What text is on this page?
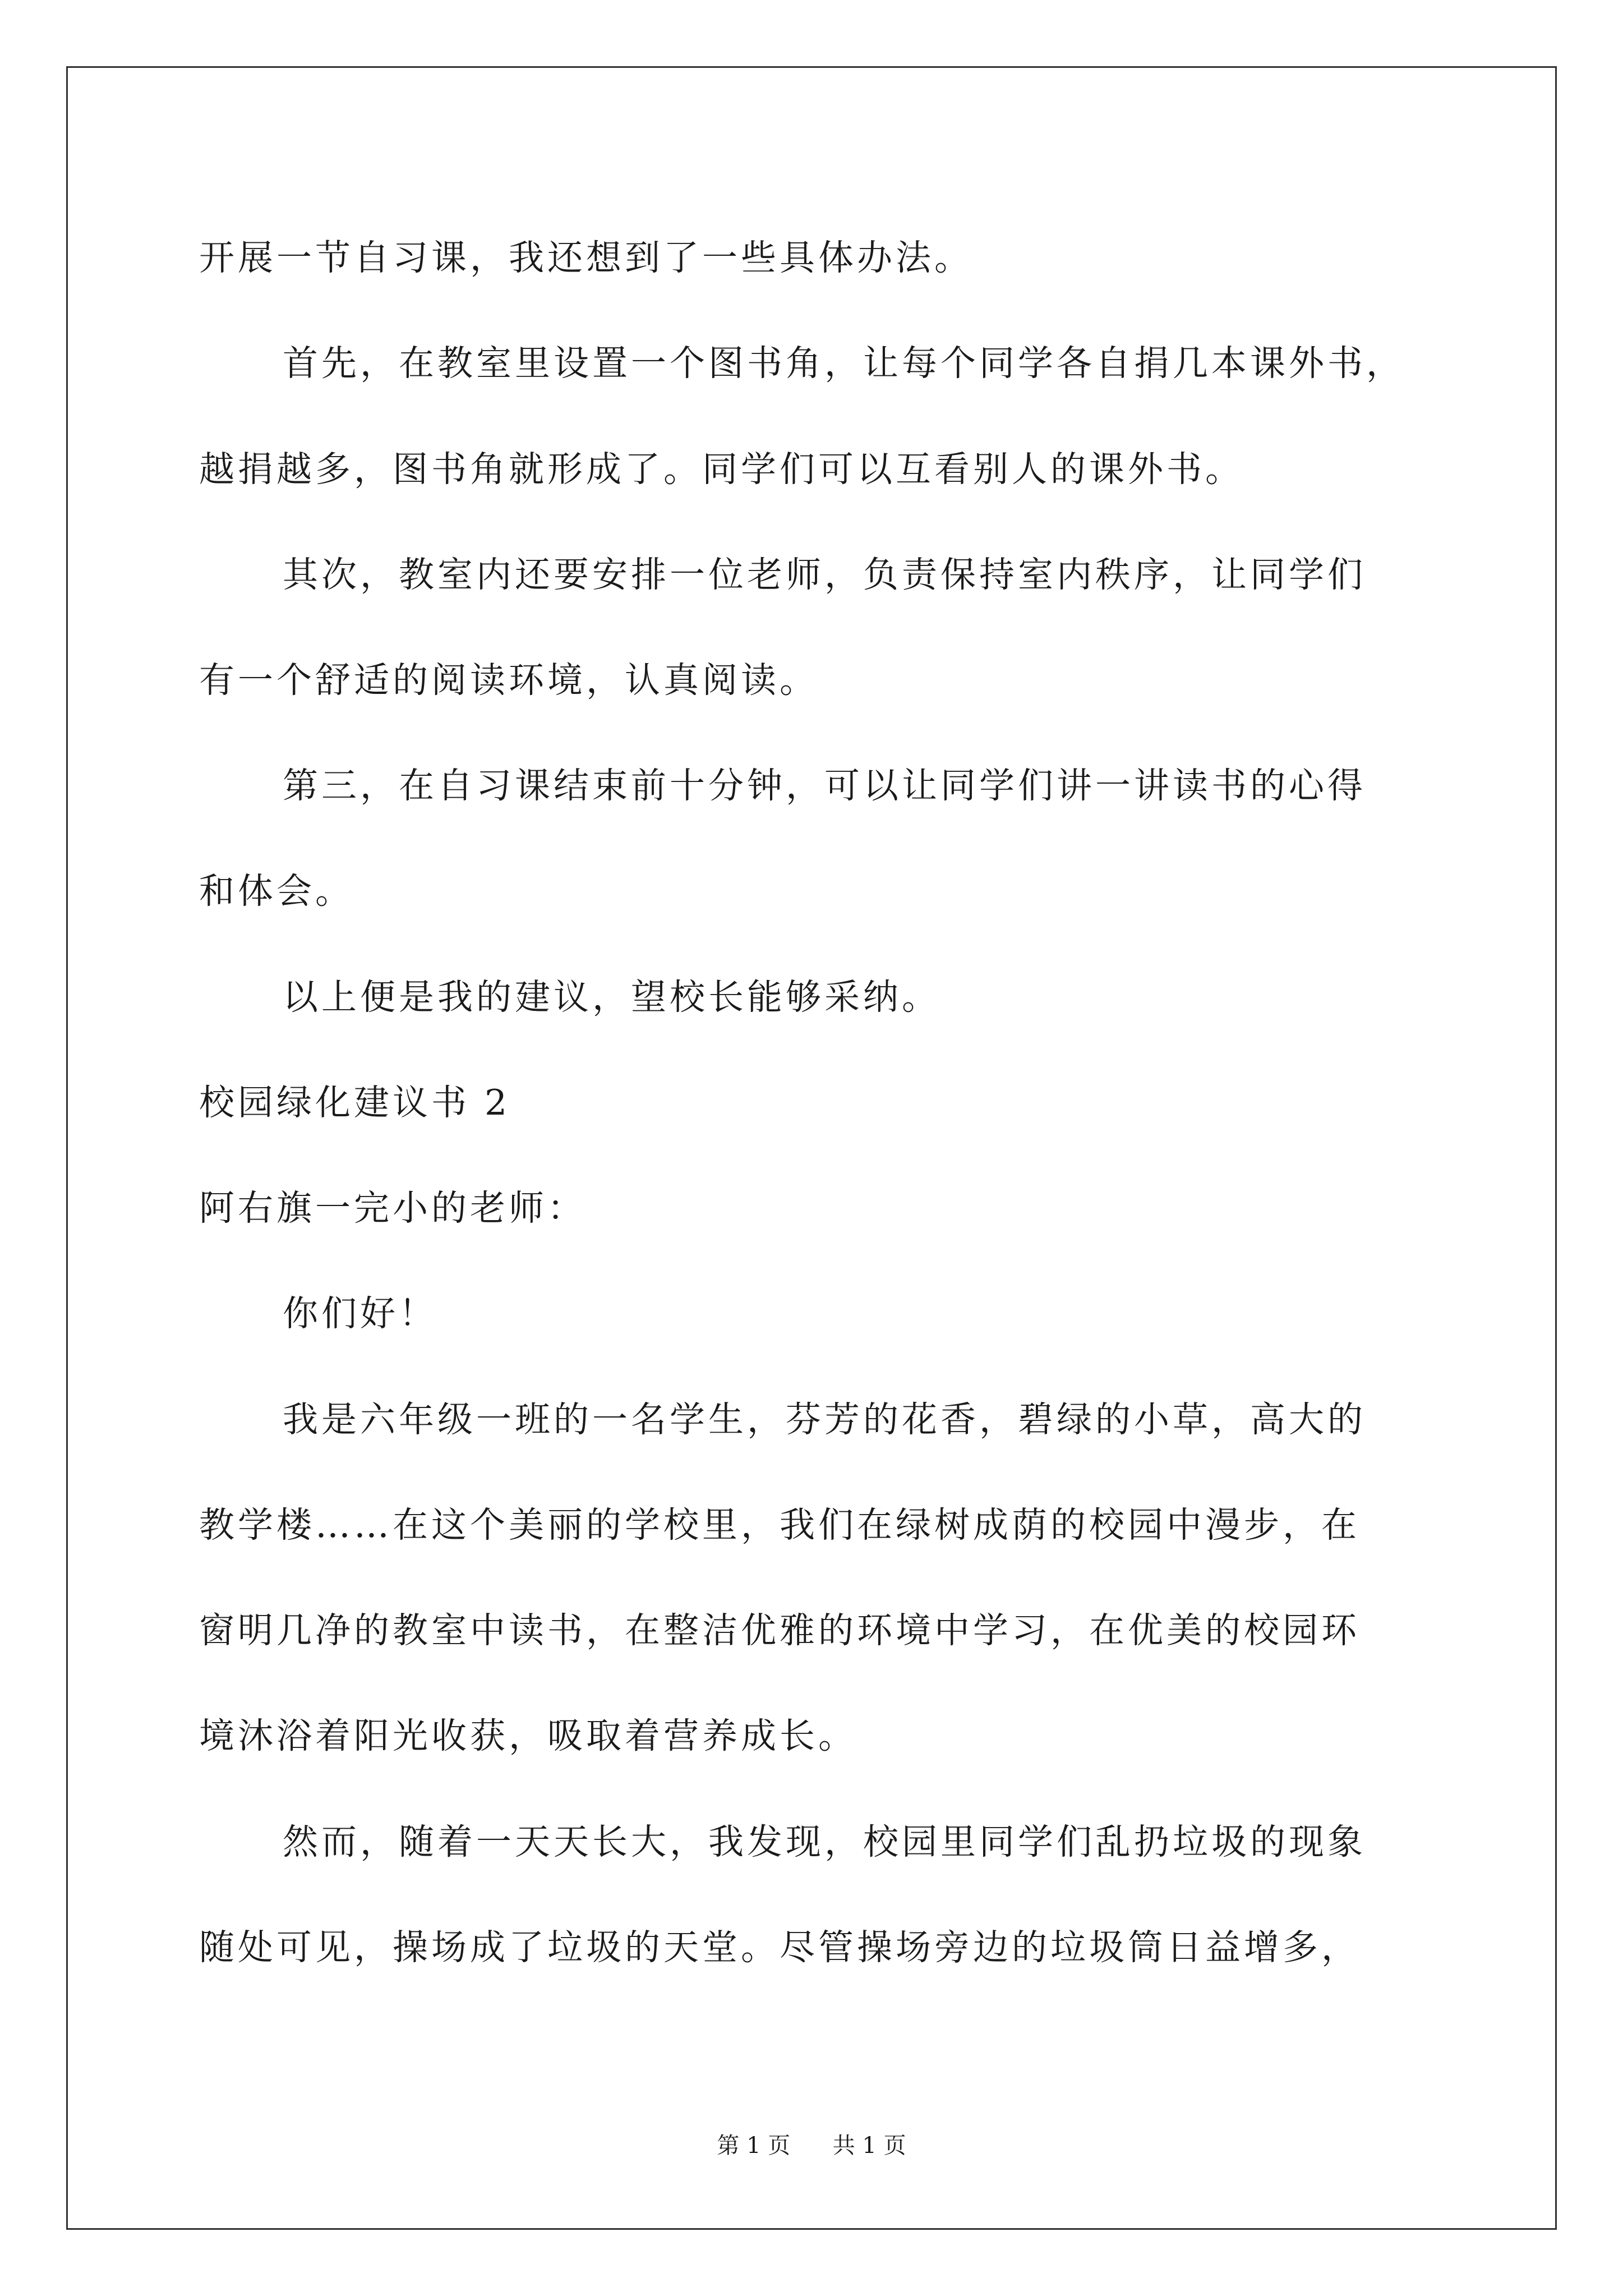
开展一节自习课，我还想到了一些具体办法。
首先，在教室里设置一个图书角，让每个同学各自捐几本课外书，
越捐越多，图书角就形成了。同学们可以互看别人的课外书。
其次，教室内还要安排一位老师，负责保持室内秩序，让同学们
有一个舒适的阅读环境，认真阅读。
第三，在自习课结束前十分钟，可以让同学们讲一讲读书的心得
和体会。
以上便是我的建议，望校长能够采纳。
校园绿化建议书 2
阿右旗一完小的老师：
你们好！
我是六年级一班的一名学生，芬芳的花香，碧绿的小草，高大的
教学楼……在这个美丽的学校里，我们在绿树成荫的校园中漫步，在
窗明几净的教室中读书，在整洁优雅的环境中学习，在优美的校园环
境沐浴着阳光收获，吸取着营养成长。
然而，随着一天天长大，我发现，校园里同学们乱扔垃圾的现象
随处可见，操场成了垃圾的天堂。尽管操场旁边的垃圾筒日益增多，
第 1 页 共 1 页
